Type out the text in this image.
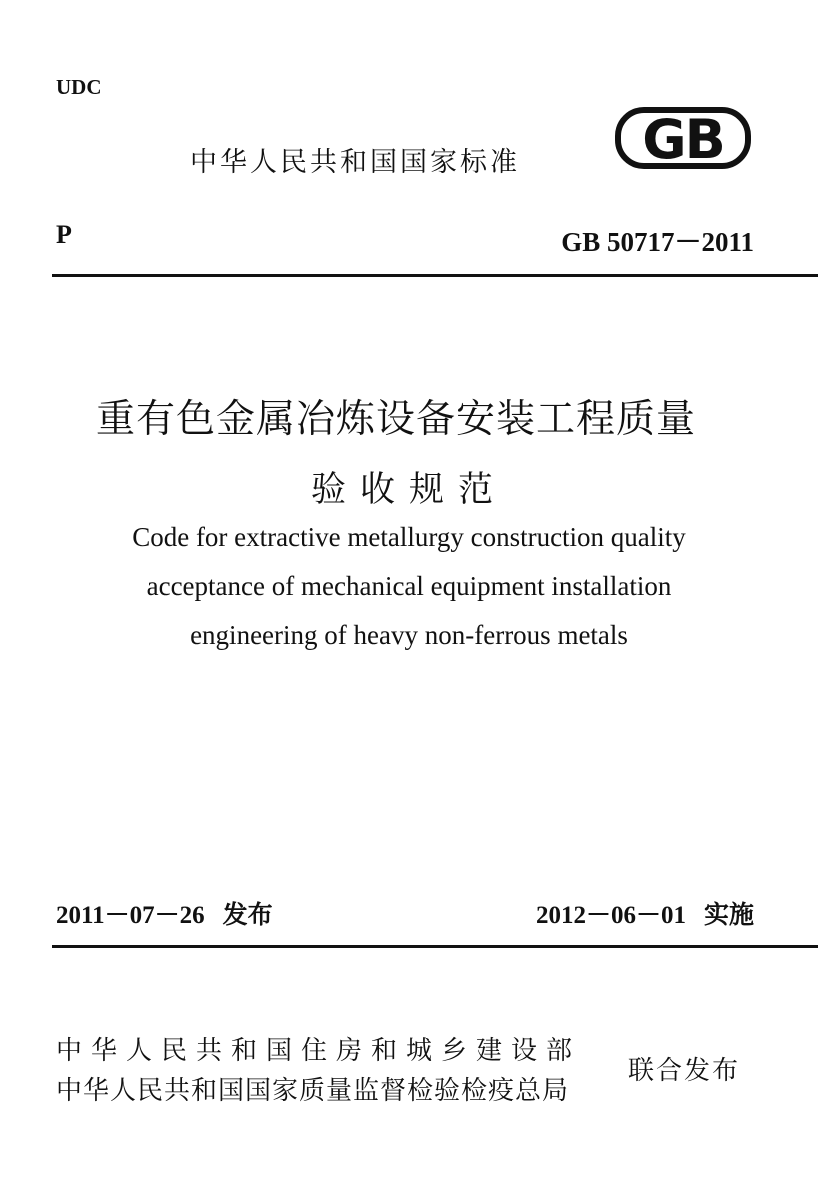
UDC
中华人民共和国国家标准 GB
P	GB 50717－2011
重有色金属冶炼设备安装工程质量
验收规范
Code for extractive metallurgy construction quality
acceptance of mechanical equipment installation
engineering of heavy non-ferrous metals
2011－07－26 发布	2012－06－01 实施
中华人民共和国住房和城乡建设部
中华人民共和国国家质量监督检验检疫总局
联合发布
